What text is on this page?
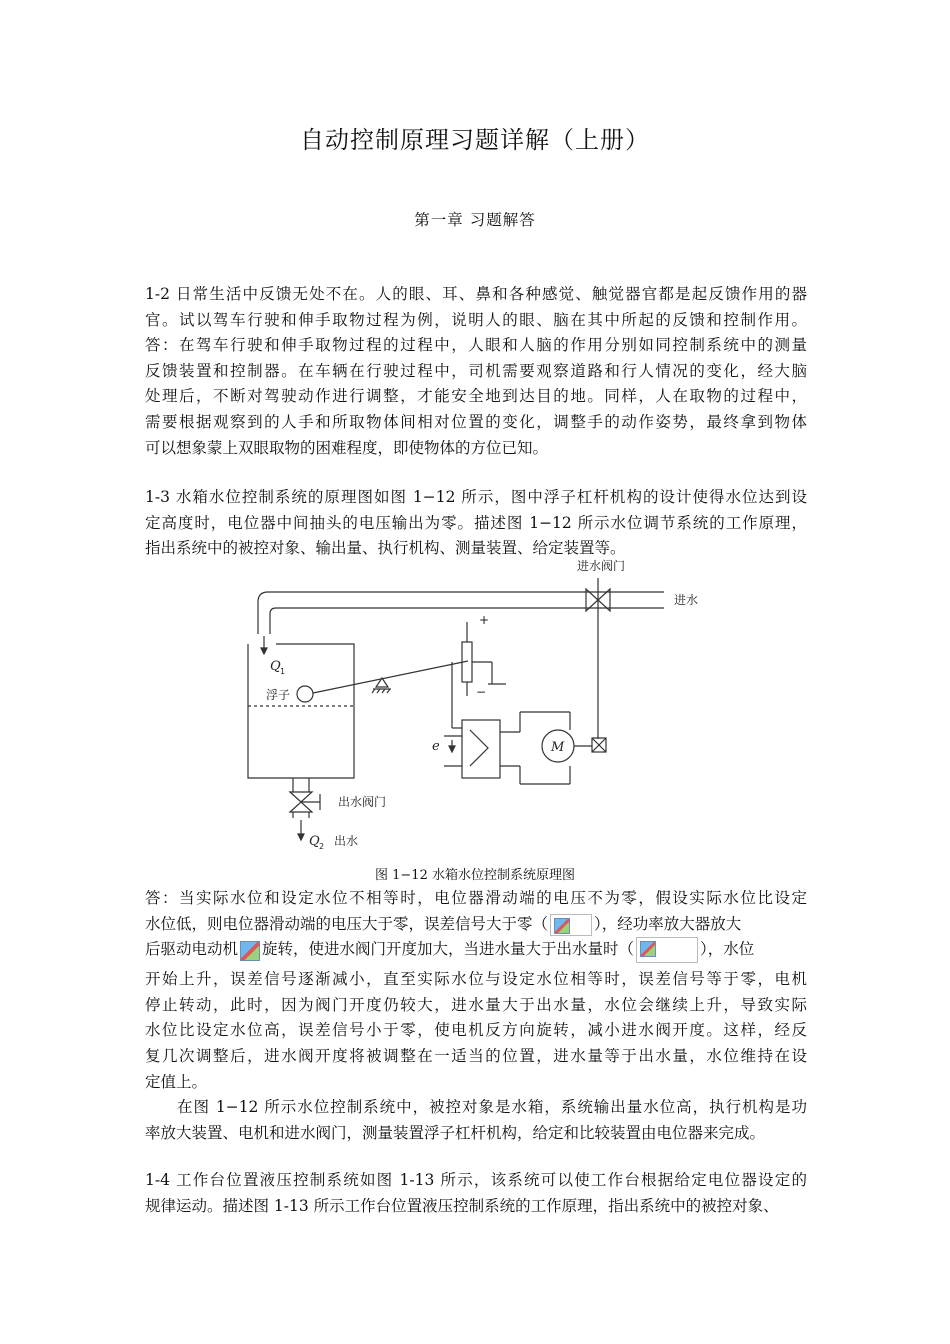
自动控制原理习题详解（上册）
第一章 习题解答
1-2 日常生活中反馈无处不在。人的眼、耳、鼻和各种感觉、触觉器官都是起反馈作用的器
官。试以驾车行驶和伸手取物过程为例，说明人的眼、脑在其中所起的反馈和控制作用。
答：在驾车行驶和伸手取物过程的过程中，人眼和人脑的作用分别如同控制系统中的测量
反馈装置和控制器。在车辆在行驶过程中，司机需要观察道路和行人情况的变化，经大脑
处理后，不断对驾驶动作进行调整，才能安全地到达目的地。同样，人在取物的过程中，
需要根据观察到的人手和所取物体间相对位置的变化，调整手的动作姿势，最终拿到物体
可以想象蒙上双眼取物的困难程度，即使物体的方位已知。
1-3 水箱水位控制系统的原理图如图 1−12 所示，图中浮子杠杆机构的设计使得水位达到设
定高度时，电位器中间抽头的电压输出为零。描述图 1−12 所示水位调节系统的工作原理，
指出系统中的被控对象、输出量、执行机构、测量装置、给定装置等。
进水阀门
进水
Q 1
浮子
+
−
e	M
出水阀门
Q 2 出水
图 1−12 水箱水位控制系统原理图
答：当实际水位和设定水位不相等时，电位器滑动端的电压不为零，假设实际水位比设定
水位低，则电位器滑动端的电压大于零，误差信号大于零（	），经功率放大器放大
后驱动电动机 旋转，使进水阀门开度加大，当进水量大于出水量时（	），水位
开始上升，误差信号逐渐减小，直至实际水位与设定水位相等时，误差信号等于零，电机
停止转动，此时，因为阀门开度仍较大，进水量大于出水量，水位会继续上升，导致实际
水位比设定水位高，误差信号小于零，使电机反方向旋转，减小进水阀开度。这样，经反
复几次调整后，进水阀开度将被调整在一适当的位置，进水量等于出水量，水位维持在设
定值上。
在图 1−12 所示水位控制系统中，被控对象是水箱，系统输出量水位高，执行机构是功
率放大装置、电机和进水阀门，测量装置浮子杠杆机构，给定和比较装置由电位器来完成。
1-4 工作台位置液压控制系统如图 1-13 所示，该系统可以使工作台根据给定电位器设定的
规律运动。描述图 1-13 所示工作台位置液压控制系统的工作原理，指出系统中的被控对象、
